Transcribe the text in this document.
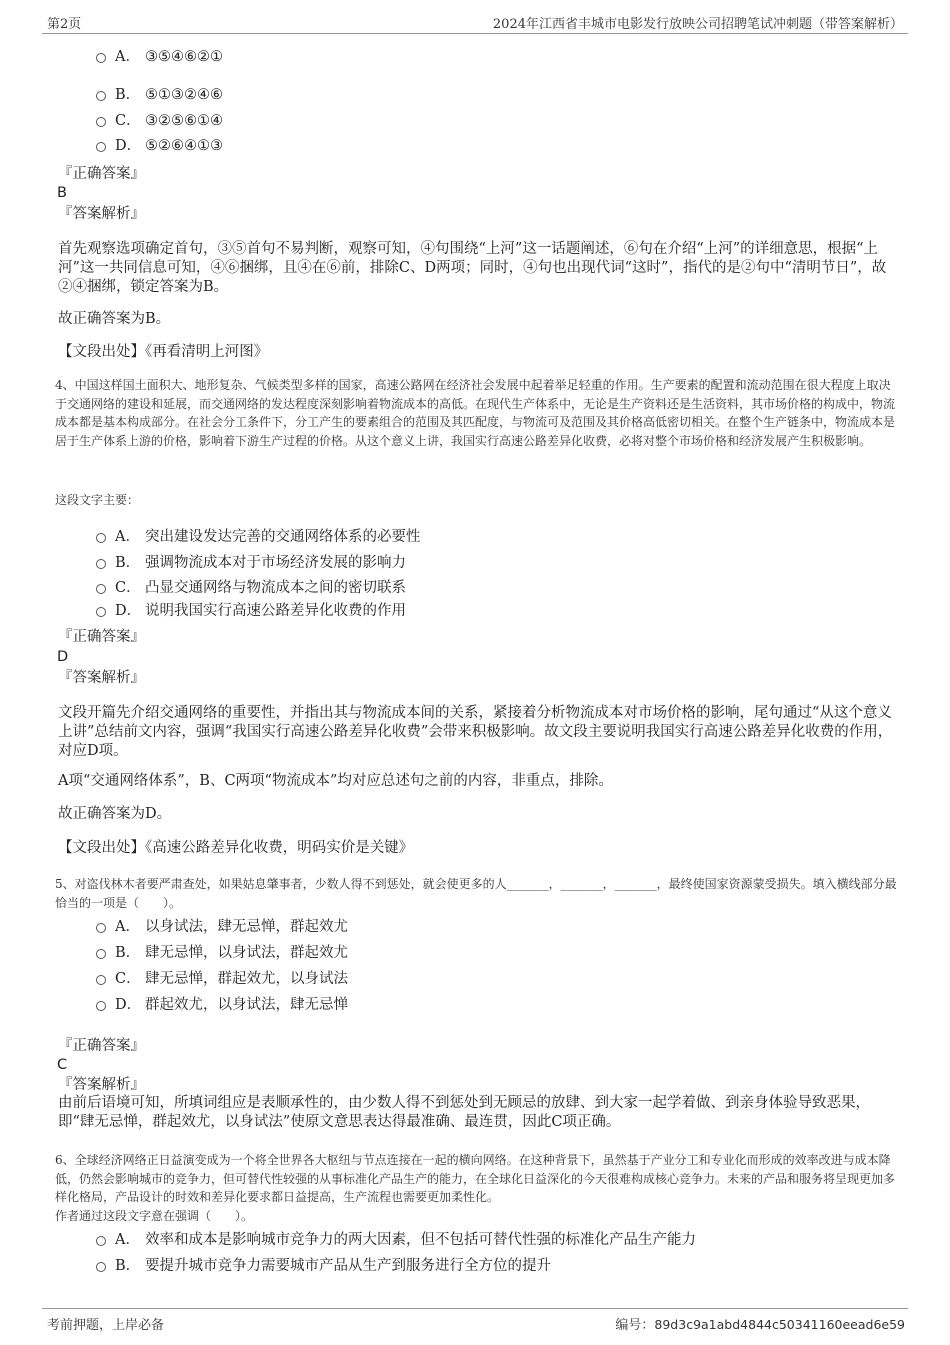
第2页	2024年江西省丰城市电影发行放映公司招聘笔试冲刺题（带答案解析）
A． ③⑤④⑥②①
B． ⑤①③②④⑥
C． ③②⑤⑥①④
D． ⑤②⑥④①③
『正确答案』
B
『答案解析』
首先观察选项确定首句，③⑤首句不易判断，观察可知，④句围绕“上河”这一话题阐述，⑥句在介绍“上河”的详细意思，根据“上河”这一共同信息可知，④⑥捆绑，且④在⑥前，排除C、D两项；同时，④句也出现代词“这时”，指代的是②句中“清明节日”，故②④捆绑，锁定答案为B。
故正确答案为B。
【文段出处】《再看清明上河图》
4、中国这样国土面积大、地形复杂、气候类型多样的国家，高速公路网在经济社会发展中起着举足轻重的作用。生产要素的配置和流动范围在很大程度上取决于交通网络的建设和延展，而交通网络的发达程度深刻影响着物流成本的高低。在现代生产体系中，无论是生产资料还是生活资料，其市场价格的构成中，物流成本都是基本构成部分。在社会分工条件下，分工产生的要素组合的范围及其匹配度，与物流可及范围及其价格高低密切相关。在整个生产链条中，物流成本是居于生产体系上游的价格，影响着下游生产过程的价格。从这个意义上讲，我国实行高速公路差异化收费，必将对整个市场价格和经济发展产生积极影响。
这段文字主要：
A． 突出建设发达完善的交通网络体系的必要性
B． 强调物流成本对于市场经济发展的影响力
C． 凸显交通网络与物流成本之间的密切联系
D． 说明我国实行高速公路差异化收费的作用
『正确答案』
D
『答案解析』
文段开篇先介绍交通网络的重要性，并指出其与物流成本间的关系，紧接着分析物流成本对市场价格的影响，尾句通过“从这个意义上讲”总结前文内容，强调“我国实行高速公路差异化收费”会带来积极影响。故文段主要说明我国实行高速公路差异化收费的作用，对应D项。
A项“交通网络体系”，B、C两项“物流成本”均对应总述句之前的内容，非重点，排除。
故正确答案为D。
【文段出处】《高速公路差异化收费，明码实价是关键》
5、对盗伐林木者要严肃查处，如果姑息肇事者，少数人得不到惩处，就会使更多的人_______，_______，_______，最终使国家资源蒙受损失。填入横线部分最恰当的一项是（　　）。
A． 以身试法，肆无忌惮，群起效尤
B． 肆无忌惮，以身试法，群起效尤
C． 肆无忌惮，群起效尤，以身试法
D． 群起效尤，以身试法，肆无忌惮
『正确答案』
C
『答案解析』
由前后语境可知，所填词组应是表顺承性的，由少数人得不到惩处到无顾忌的放肆、到大家一起学着做、到亲身体验导致恶果，即“肆无忌惮，群起效尤，以身试法”使原文意思表达得最准确、最连贯，因此C项正确。
6、全球经济网络正日益演变成为一个将全世界各大枢纽与节点连接在一起的横向网络。在这种背景下，虽然基于产业分工和专业化而形成的效率改进与成本降低，仍然会影响城市的竞争力，但可替代性较强的从事标准化产品生产的能力，在全球化日益深化的今天很难构成核心竞争力。未来的产品和服务将呈现更加多样化格局，产品设计的时效和差异化要求都日益提高，生产流程也需要更加柔性化。
作者通过这段文字意在强调（　　）。
A． 效率和成本是影响城市竞争力的两大因素，但不包括可替代性强的标准化产品生产能力
B． 要提升城市竞争力需要城市产品从生产到服务进行全方位的提升
考前押题，上岸必备	编号：89d3c9a1abd4844c50341160eead6e59
